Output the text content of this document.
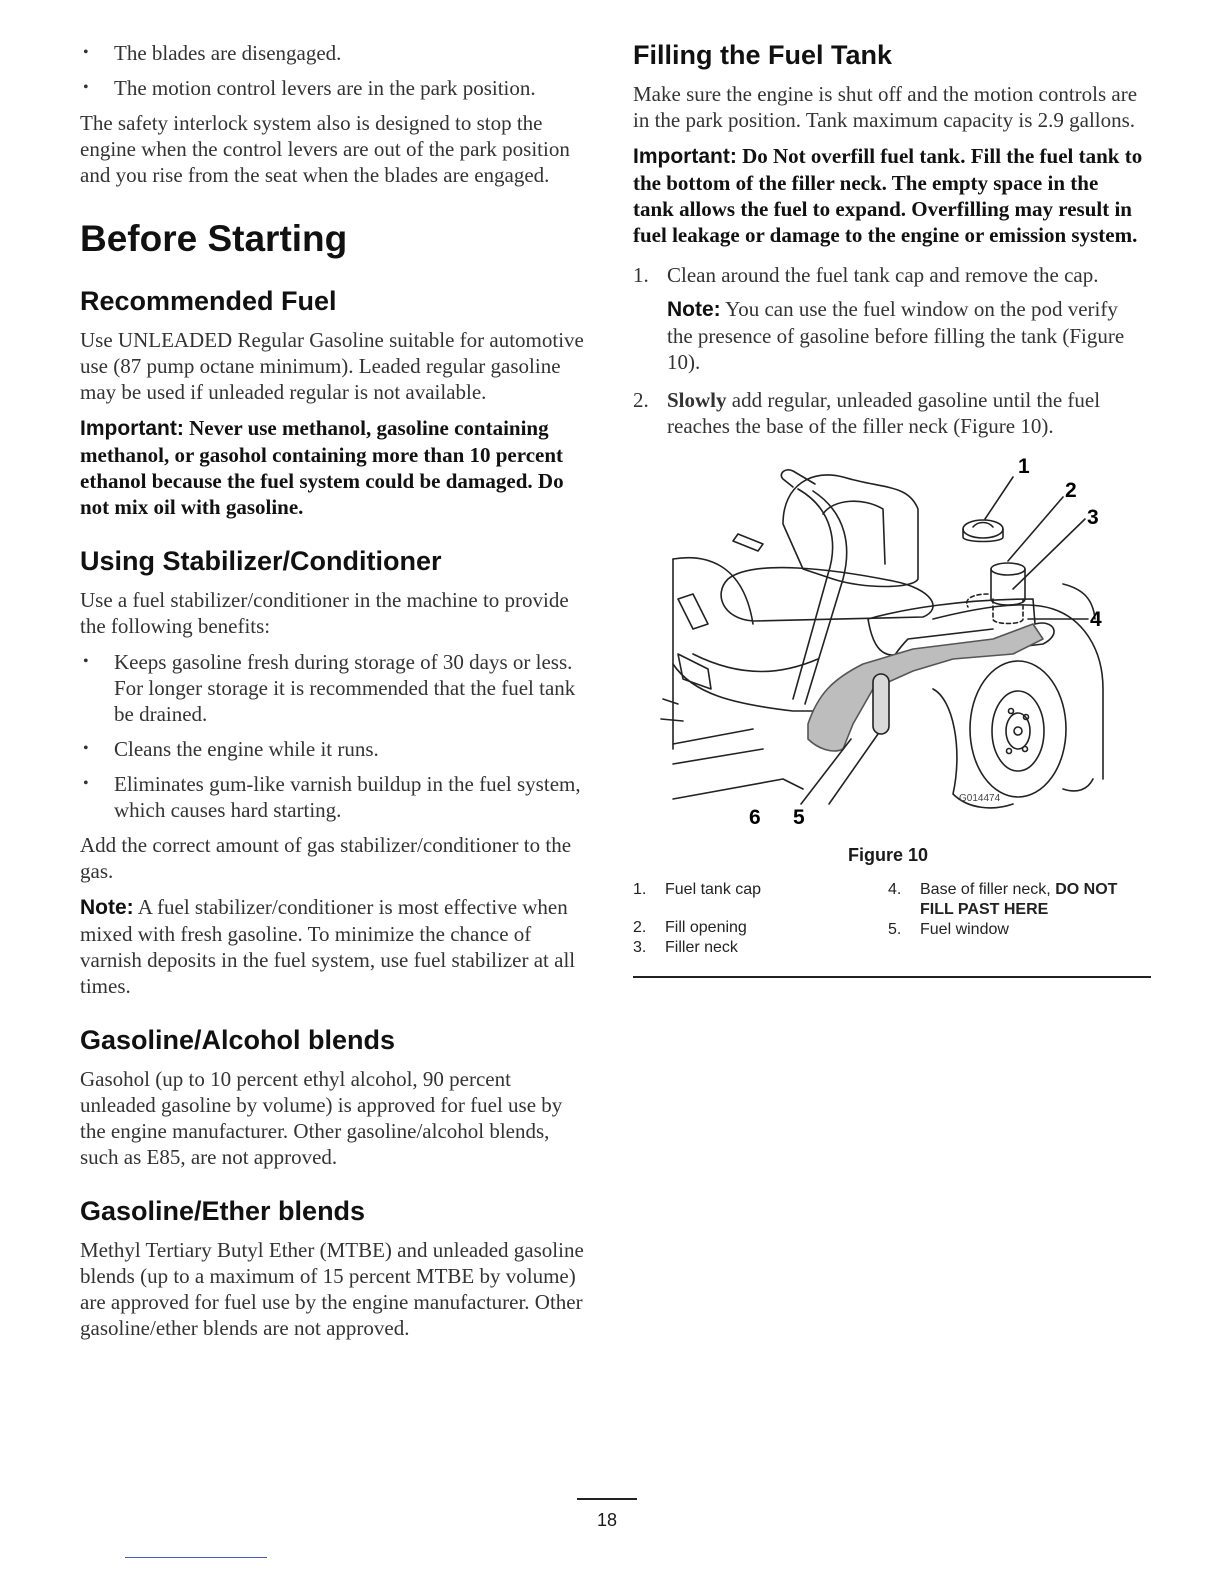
• The blades are disengaged.
• The motion control levers are in the park position.

The safety interlock system also is designed to stop the engine when the control levers are out of the park position and you rise from the seat when the blades are engaged.

Before Starting
Recommended Fuel

Use UNLEADED Regular Gasoline suitable for automotive use (87 pump octane minimum). Leaded regular gasoline may be used if unleaded regular is not available.

Important: Never use methanol, gasoline containing methanol, or gasohol containing more than 10 percent ethanol because the fuel system could be damaged. Do not mix oil with gasoline.

Using Stabilizer/Conditioner

Use a fuel stabilizer/conditioner in the machine to provide the following benefits:

• Keeps gasoline fresh during storage of 30 days or less. For longer storage it is recommended that the fuel tank be drained.
• Cleans the engine while it runs.
• Eliminates gum-like varnish buildup in the fuel system, which causes hard starting.

Add the correct amount of gas stabilizer/conditioner to the gas.

Note: A fuel stabilizer/conditioner is most effective when mixed with fresh gasoline. To minimize the chance of varnish deposits in the fuel system, use fuel stabilizer at all times.

Gasoline/Alcohol blends

Gasohol (up to 10 percent ethyl alcohol, 90 percent unleaded gasoline by volume) is approved for fuel use by the engine manufacturer. Other gasoline/alcohol blends, such as E85, are not approved.

Gasoline/Ether blends

Methyl Tertiary Butyl Ether (MTBE) and unleaded gasoline blends (up to a maximum of 15 percent MTBE by volume) are approved for fuel use by the engine manufacturer. Other gasoline/ether blends are not approved.

Filling the Fuel Tank

Make sure the engine is shut off and the motion controls are in the park position. Tank maximum capacity is 2.9 gallons.

Important: Do Not overfill fuel tank. Fill the fuel tank to the bottom of the filler neck. The empty space in the tank allows the fuel to expand. Overfilling may result in fuel leakage or damage to the engine or emission system.

1. Clean around the fuel tank cap and remove the cap.

Note: You can use the fuel window on the pod verify the presence of gasoline before filling the tank (Figure 10).

2. Slowly add regular, unleaded gasoline until the fuel reaches the base of the filler neck (Figure 10).
1
2
3
4
6 5
G014474
Figure 10
1.	Fuel tank cap
2.	Fill opening
3.	Filler neck
4.	Base of filler neck, DO NOT FILL PAST HERE
5.	Fuel window
18
